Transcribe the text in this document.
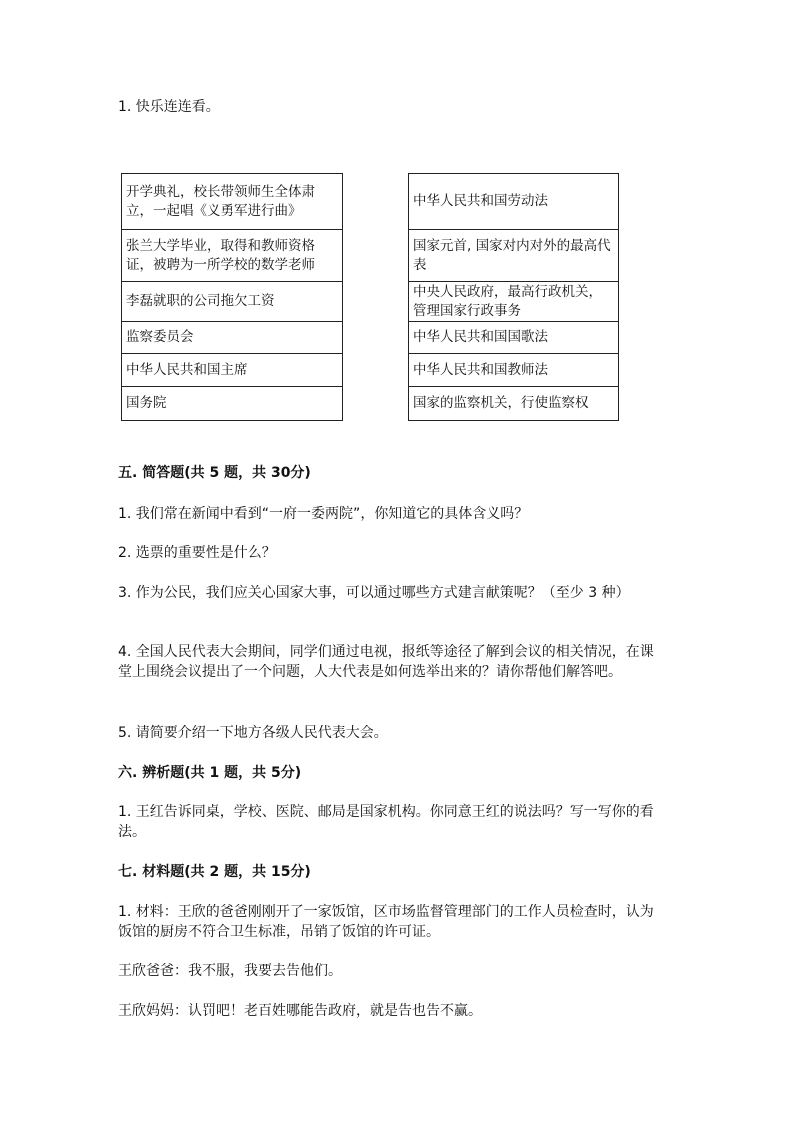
1. 快乐连连看。
开学典礼，校长带领师生全体肃立，一起唱《义勇军进行曲》
张兰大学毕业，取得和教师资格证，被聘为一所学校的数学老师
李磊就职的公司拖欠工资
监察委员会
中华人民共和国主席
国务院
中华人民共和国劳动法
国家元首, 国家对内对外的最高代表
中央人民政府，最高行政机关，管理国家行政事务
中华人民共和国国歌法
中华人民共和国教师法
国家的监察机关，行使监察权
五. 简答题(共 5 题，共 30分)
1. 我们常在新闻中看到“一府一委两院”，你知道它的具体含义吗？
2. 选票的重要性是什么？
3. 作为公民，我们应关心国家大事，可以通过哪些方式建言献策呢？（至少 3 种）
4. 全国人民代表大会期间，同学们通过电视，报纸等途径了解到会议的相关情况，在课堂上围绕会议提出了一个问题，人大代表是如何选举出来的？请你帮他们解答吧。
5. 请简要介绍一下地方各级人民代表大会。
六. 辨析题(共 1 题，共 5分)
1. 王红告诉同桌，学校、医院、邮局是国家机构。你同意王红的说法吗？写一写你的看法。
七. 材料题(共 2 题，共 15分)
1. 材料：王欣的爸爸刚刚开了一家饭馆，区市场监督管理部门的工作人员检查时，认为饭馆的厨房不符合卫生标准，吊销了饭馆的许可证。
王欣爸爸：我不服，我要去告他们。
王欣妈妈：认罚吧！老百姓哪能告政府，就是告也告不赢。
